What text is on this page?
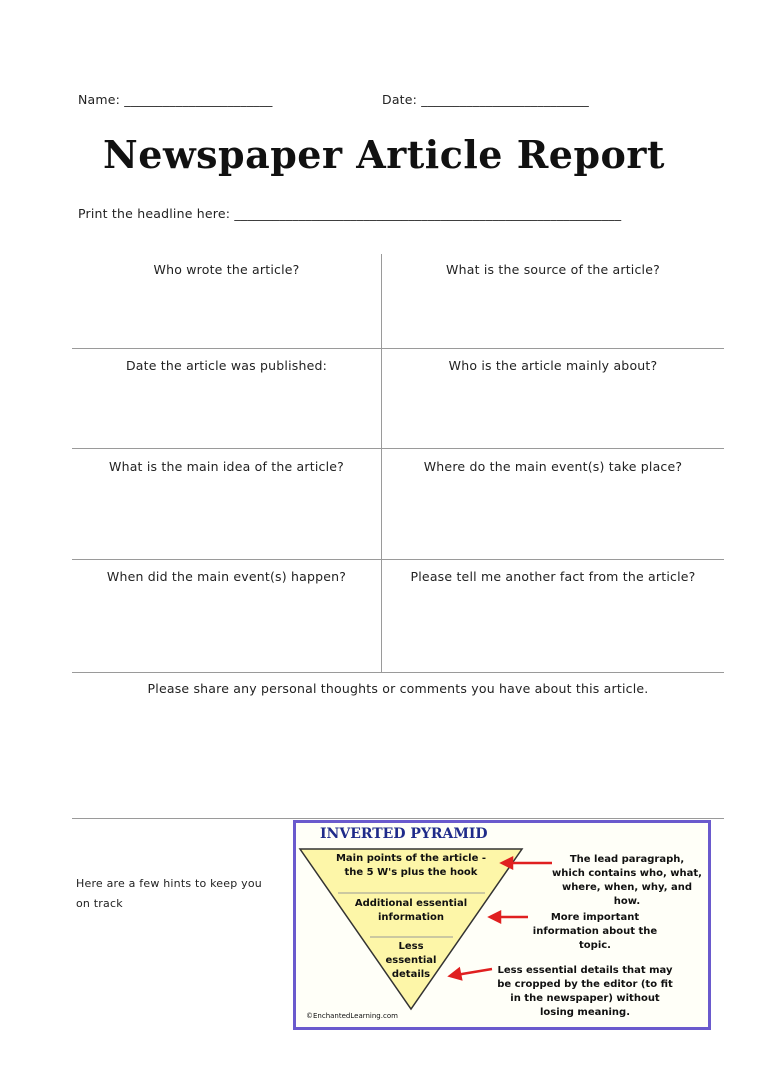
Name: _______________________	Date: __________________________
Newspaper Article Report
Print the headline here: ____________________________________________________________
Who wrote the article?	What is the source of the article?
Date the article was published:	Who is the article mainly about?
What is the main idea of the article?	Where do the main event(s) take place?
When did the main event(s) happen?	Please tell me another fact from the article?
Please share any personal thoughts or comments you have about this article.
Here are a few hints to keep you on track
INVERTED PYRAMID
Main points of the article - the 5 W's plus the hook
Additional essential information
Less essential details
The lead paragraph, which contains who, what, where, when, why, and how.
More important information about the topic.
Less essential details that may be cropped by the editor (to fit in the newspaper) without losing meaning.
©EnchantedLearning.com
